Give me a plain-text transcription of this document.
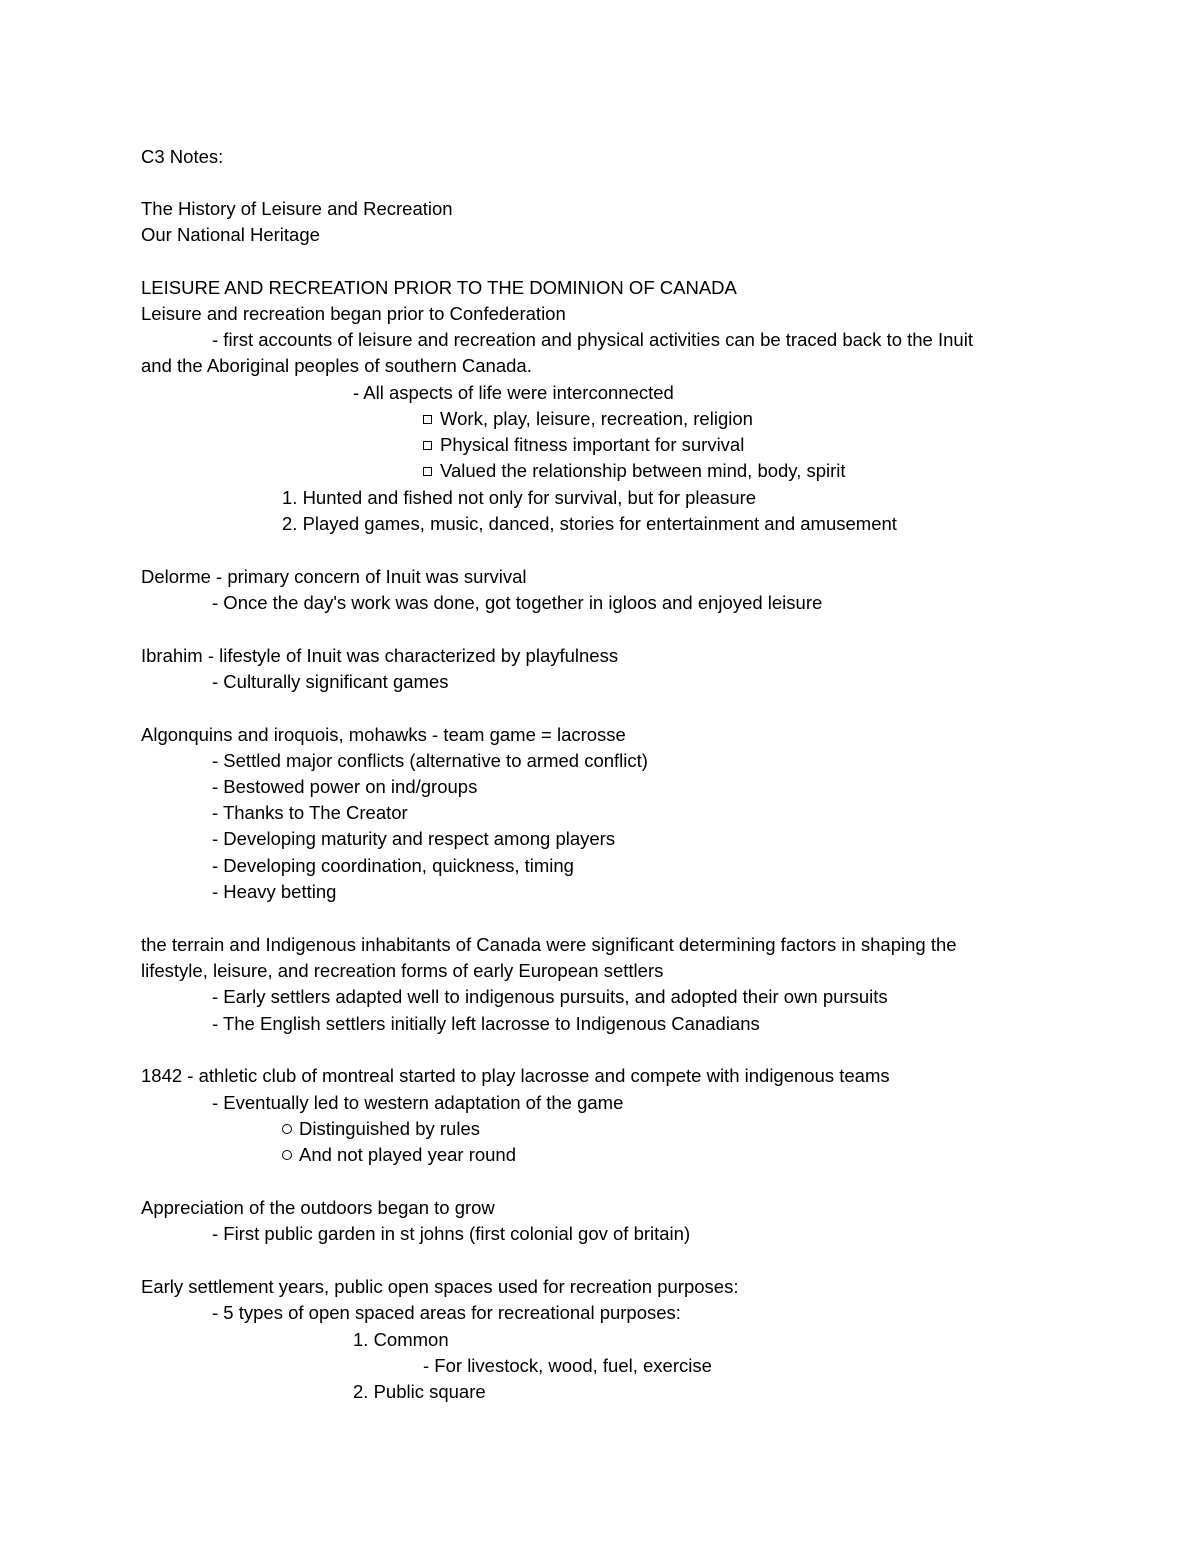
C3 Notes:
The History of Leisure and Recreation
Our National Heritage
LEISURE AND RECREATION PRIOR TO THE DOMINION OF CANADA
Leisure and recreation began prior to Confederation
- first accounts of leisure and recreation and physical activities can be traced back to the Inuit
and the Aboriginal peoples of southern Canada.
- All aspects of life were interconnected
Work, play, leisure, recreation, religion
Physical fitness important for survival
Valued the relationship between mind, body, spirit
1. Hunted and fished not only for survival, but for pleasure
2. Played games, music, danced, stories for entertainment and amusement
Delorme - primary concern of Inuit was survival
- Once the day's work was done, got together in igloos and enjoyed leisure
Ibrahim - lifestyle of Inuit was characterized by playfulness
- Culturally significant games
Algonquins and iroquois, mohawks - team game = lacrosse
- Settled major conflicts (alternative to armed conflict)
- Bestowed power on ind/groups
- Thanks to The Creator
- Developing maturity and respect among players
- Developing coordination, quickness, timing
- Heavy betting
the terrain and Indigenous inhabitants of Canada were significant determining factors in shaping the
lifestyle, leisure, and recreation forms of early European settlers
- Early settlers adapted well to indigenous pursuits, and adopted their own pursuits
- The English settlers initially left lacrosse to Indigenous Canadians
1842 - athletic club of montreal started to play lacrosse and compete with indigenous teams
- Eventually led to western adaptation of the game
Distinguished by rules
And not played year round
Appreciation of the outdoors began to grow
- First public garden in st johns (first colonial gov of britain)
Early settlement years, public open spaces used for recreation purposes:
- 5 types of open spaced areas for recreational purposes:
1. Common
- For livestock, wood, fuel, exercise
2. Public square
